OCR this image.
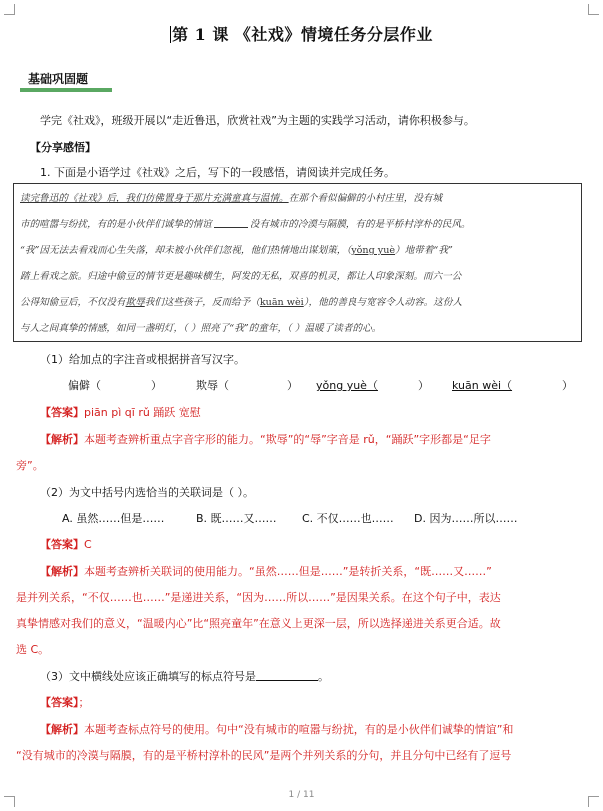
第 1 课 《社戏》情境任务分层作业
基础巩固题
学完《社戏》，班级开展以“走近鲁迅，欣赏社戏”为主题的实践学习活动，请你积极参与。
【分享感悟】
1. 下面是小语学过《社戏》之后，写下的一段感悟，请阅读并完成任务。
读完鲁迅的《社戏》后，我们仿佛置身于那片充满童真与温情。在那个看似偏僻的小村庄里，没有城
市的喧嚣与纷扰，有的是小伙伴们诚挚的情谊	没有城市的冷漠与隔膜，有的是平桥村淳朴的民风。
“我”因无法去看戏而心生失落，却未被小伙伴们忽视，他们热情地出谋划策，（yǒng yuè）地带着“我”
踏上看戏之旅。归途中偷豆的情节更是趣味横生，阿发的无私，双喜的机灵，都让人印象深刻。而六一公
公得知偷豆后，不仅没有欺辱我们这些孩子，反而给予（kuān wèi），他的善良与宽容令人动容。这份人
与人之间真挚的情感，如同一盏明灯，（ ）照亮了“我”的童年，（ ）温暖了读者的心。
（1）给加点的字注音或根据拼音写汉字。
偏僻（	）	欺辱（	） yǒng yuè（	） kuān wèi（	）
【答案】piān pì qī rǔ 踊跃 宽慰
【解析】本题考查辨析重点字音字形的能力。“欺辱”的“辱”字音是 rǔ，“踊跃”字形都是“足字
旁”。
（2）为文中括号内选恰当的关联词是（ ）。
A. 虽然……但是……	B. 既……又…… C. 不仅……也…… D. 因为……所以……
【答案】C
【解析】本题考查辨析关联词的使用能力。“虽然……但是……”是转折关系，“既……又……”
是并列关系，“不仅……也……”是递进关系，“因为……所以……”是因果关系。在这个句子中，表达
真挚情感对我们的意义，“温暖内心”比“照亮童年”在意义上更深一层，所以选择递进关系更合适。故
选 C。
（3）文中横线处应该正确填写的标点符号是	。
【答案】；
【解析】本题考查标点符号的使用。句中“没有城市的喧嚣与纷扰，有的是小伙伴们诚挚的情谊”和
“没有城市的冷漠与隔膜，有的是平桥村淳朴的民风”是两个并列关系的分句，并且分句中已经有了逗号
1 / 11
